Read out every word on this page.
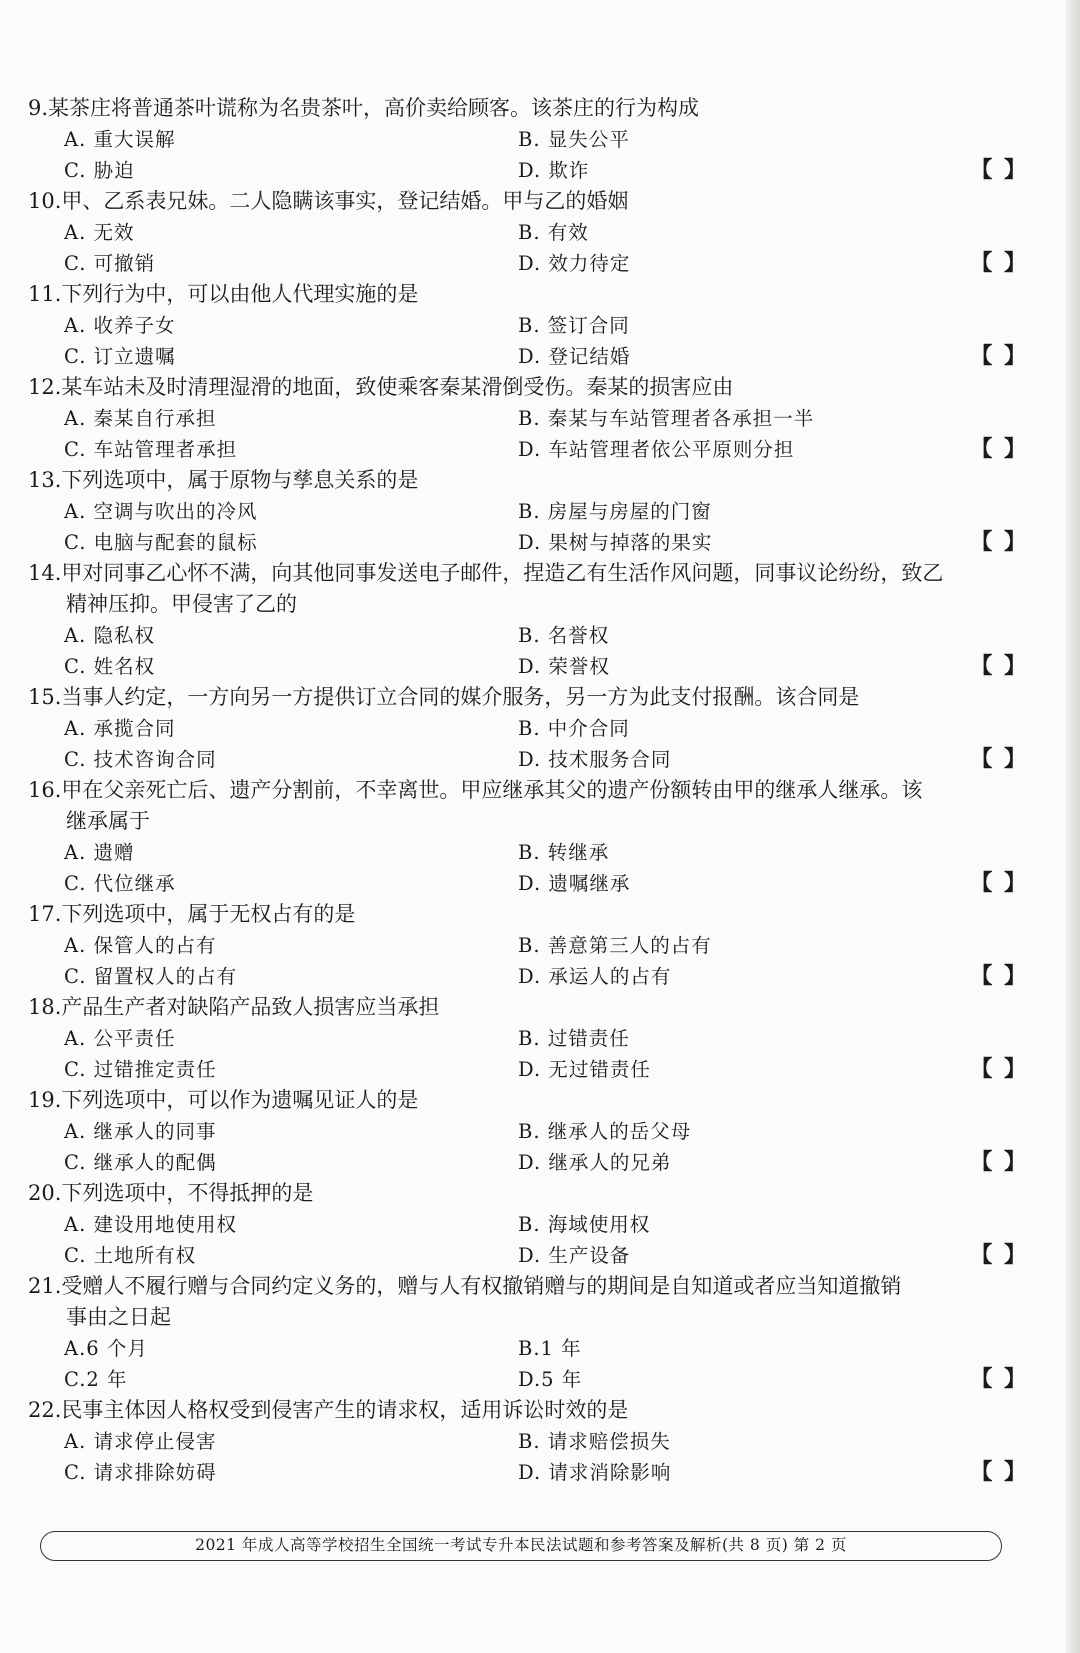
9.某茶庄将普通茶叶谎称为名贵茶叶，高价卖给顾客。该茶庄的行为构成
【 】
A. 重大误解	B. 显失公平
C. 胁迫	D. 欺诈
10.甲、乙系表兄妹。二人隐瞒该事实，登记结婚。甲与乙的婚姻
【 】
A. 无效	B. 有效
C. 可撤销	D. 效力待定
11.下列行为中，可以由他人代理实施的是
【 】
A. 收养子女	B. 签订合同
C. 订立遗嘱	D. 登记结婚
12.某车站未及时清理湿滑的地面，致使乘客秦某滑倒受伤。秦某的损害应由
【 】
A. 秦某自行承担	B. 秦某与车站管理者各承担一半
C. 车站管理者承担	D. 车站管理者依公平原则分担
13.下列选项中，属于原物与孳息关系的是
【 】
A. 空调与吹出的冷风	B. 房屋与房屋的门窗
C. 电脑与配套的鼠标	D. 果树与掉落的果实
14.甲对同事乙心怀不满，向其他同事发送电子邮件，捏造乙有生活作风问题，同事议论纷纷，致乙
精神压抑。甲侵害了乙的
【 】
A. 隐私权	B. 名誉权
C. 姓名权	D. 荣誉权
15.当事人约定，一方向另一方提供订立合同的媒介服务，另一方为此支付报酬。该合同是
【 】
A. 承揽合同	B. 中介合同
C. 技术咨询合同	D. 技术服务合同
16.甲在父亲死亡后、遗产分割前，不幸离世。甲应继承其父的遗产份额转由甲的继承人继承。该
继承属于
【 】
A. 遗赠	B. 转继承
C. 代位继承	D. 遗嘱继承
17.下列选项中，属于无权占有的是
【 】
A. 保管人的占有	B. 善意第三人的占有
C. 留置权人的占有	D. 承运人的占有
18.产品生产者对缺陷产品致人损害应当承担
【 】
A. 公平责任	B. 过错责任
C. 过错推定责任	D. 无过错责任
19.下列选项中，可以作为遗嘱见证人的是
【 】
A. 继承人的同事	B. 继承人的岳父母
C. 继承人的配偶	D. 继承人的兄弟
20.下列选项中，不得抵押的是
【 】
A. 建设用地使用权	B. 海域使用权
C. 土地所有权	D. 生产设备
21.受赠人不履行赠与合同约定义务的，赠与人有权撤销赠与的期间是自知道或者应当知道撤销
事由之日起
【 】
A.6 个月	B.1 年
C.2 年	D.5 年
22.民事主体因人格权受到侵害产生的请求权，适用诉讼时效的是
【 】
A. 请求停止侵害	B. 请求赔偿损失
C. 请求排除妨碍	D. 请求消除影响
2021 年成人高等学校招生全国统一考试专升本民法试题和参考答案及解析(共 8 页) 第 2 页
